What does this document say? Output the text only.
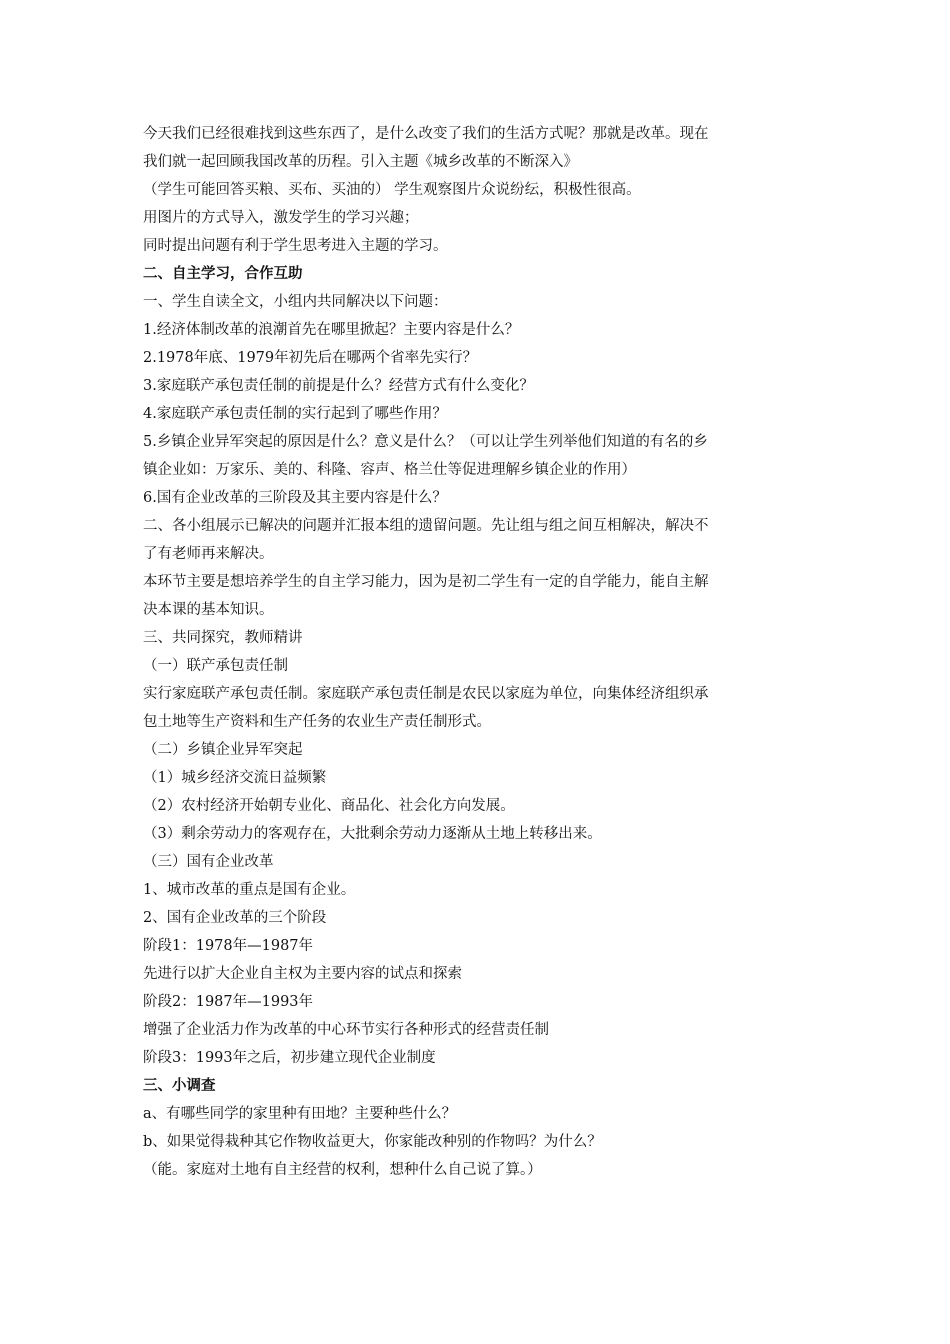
今天我们已经很难找到这些东西了，是什么改变了我们的生活方式呢？那就是改革。现在
我们就一起回顾我国改革的历程。引入主题《城乡改革的不断深入》
（学生可能回答买粮、买布、买油的） 学生观察图片众说纷纭，积极性很高。
用图片的方式导入，激发学生的学习兴趣；
同时提出问题有利于学生思考进入主题的学习。
二、自主学习，合作互助
一、学生自读全文，小组内共同解决以下问题：
1.经济体制改革的浪潮首先在哪里掀起？主要内容是什么？
2.1978年底、1979年初先后在哪两个省率先实行？
3.家庭联产承包责任制的前提是什么？经营方式有什么变化？
4.家庭联产承包责任制的实行起到了哪些作用？
5.乡镇企业异军突起的原因是什么？意义是什么？（可以让学生列举他们知道的有名的乡
镇企业如：万家乐、美的、科隆、容声、格兰仕等促进理解乡镇企业的作用）
6.国有企业改革的三阶段及其主要内容是什么？
二、各小组展示已解决的问题并汇报本组的遗留问题。先让组与组之间互相解决，解决不
了有老师再来解决。
本环节主要是想培养学生的自主学习能力，因为是初二学生有一定的自学能力，能自主解
决本课的基本知识。
三、共同探究，教师精讲
（一）联产承包责任制
实行家庭联产承包责任制。家庭联产承包责任制是农民以家庭为单位，向集体经济组织承
包土地等生产资料和生产任务的农业生产责任制形式。
（二）乡镇企业异军突起
（1）城乡经济交流日益频繁
（2）农村经济开始朝专业化、商品化、社会化方向发展。
（3）剩余劳动力的客观存在，大批剩余劳动力逐渐从土地上转移出来。
（三）国有企业改革
1、城市改革的重点是国有企业。
2、国有企业改革的三个阶段
阶段1：1978年—1987年
先进行以扩大企业自主权为主要内容的试点和探索
阶段2：1987年—1993年
增强了企业活力作为改革的中心环节实行各种形式的经营责任制
阶段3：1993年之后，初步建立现代企业制度
三、小调查
a、有哪些同学的家里种有田地？主要种些什么？
b、如果觉得栽种其它作物收益更大，你家能改种别的作物吗？为什么？
（能。家庭对土地有自主经营的权利，想种什么自己说了算。）
